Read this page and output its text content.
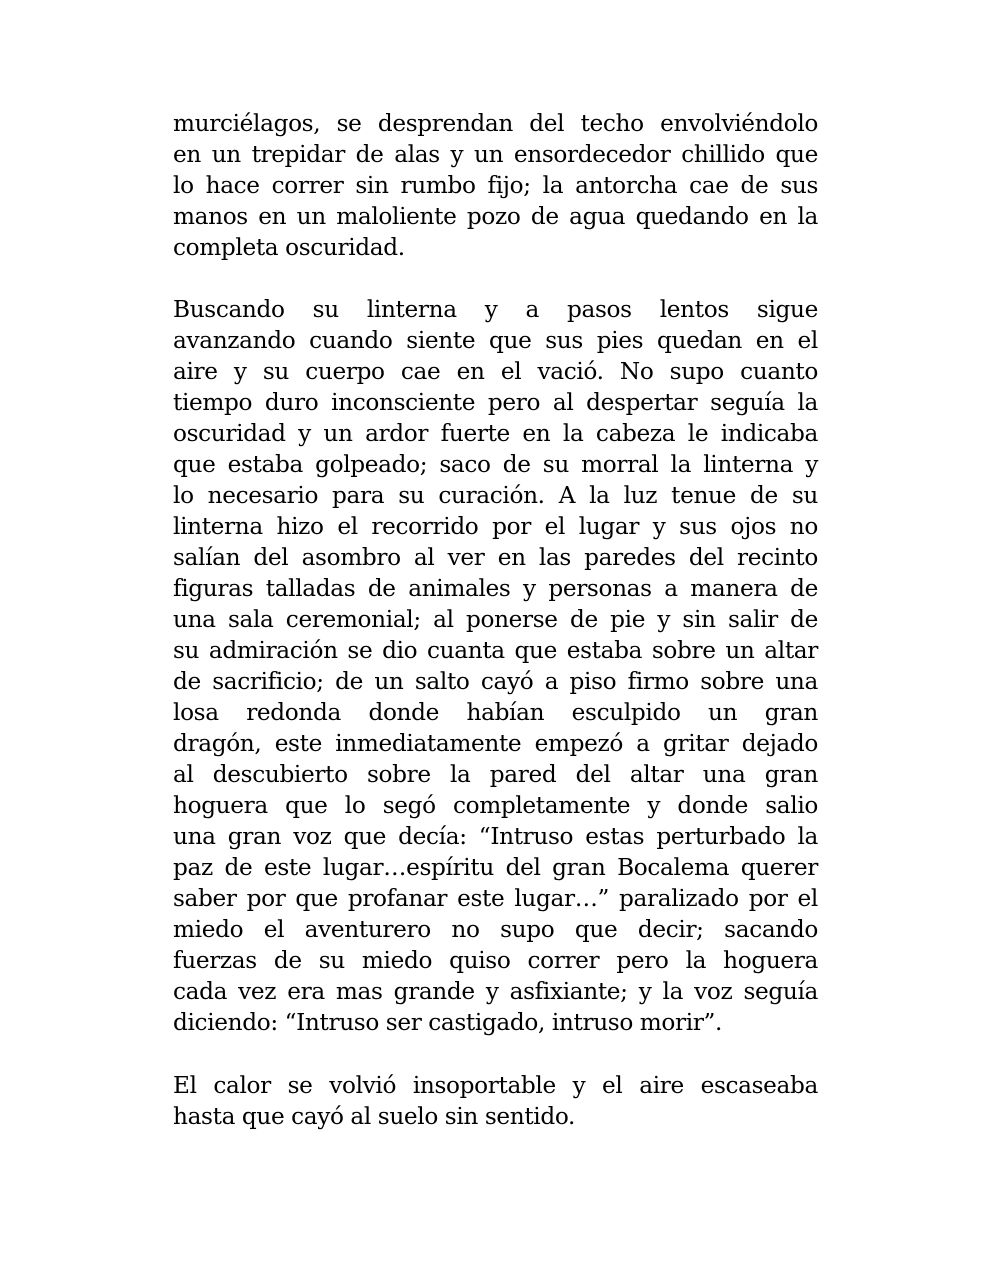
murciélagos, se desprendan del techo envolviéndolo
en un trepidar de alas y un ensordecedor chillido que
lo hace correr sin rumbo fijo; la antorcha cae de sus
manos en un maloliente pozo de agua quedando en la
completa oscuridad.
Buscando su linterna y a pasos lentos sigue
avanzando cuando siente que sus pies quedan en el
aire y su cuerpo cae en el vació. No supo cuanto
tiempo duro inconsciente pero al despertar seguía la
oscuridad y un ardor fuerte en la cabeza le indicaba
que estaba golpeado; saco de su morral la linterna y
lo necesario para su curación. A la luz tenue de su
linterna hizo el recorrido por el lugar y sus ojos no
salían del asombro al ver en las paredes del recinto
figuras talladas de animales y personas a manera de
una sala ceremonial; al ponerse de pie y sin salir de
su admiración se dio cuanta que estaba sobre un altar
de sacrificio; de un salto cayó a piso firmo sobre una
losa redonda donde habían esculpido un gran
dragón, este inmediatamente empezó a gritar dejado
al descubierto sobre la pared del altar una gran
hoguera que lo segó completamente y donde salio
una gran voz que decía: “Intruso estas perturbado la
paz de este lugar…espíritu del gran Bocalema querer
saber por que profanar este lugar…” paralizado por el
miedo el aventurero no supo que decir; sacando
fuerzas de su miedo quiso correr pero la hoguera
cada vez era mas grande y asfixiante; y la voz seguía
diciendo: “Intruso ser castigado, intruso morir”.
El calor se volvió insoportable y el aire escaseaba
hasta que cayó al suelo sin sentido.
